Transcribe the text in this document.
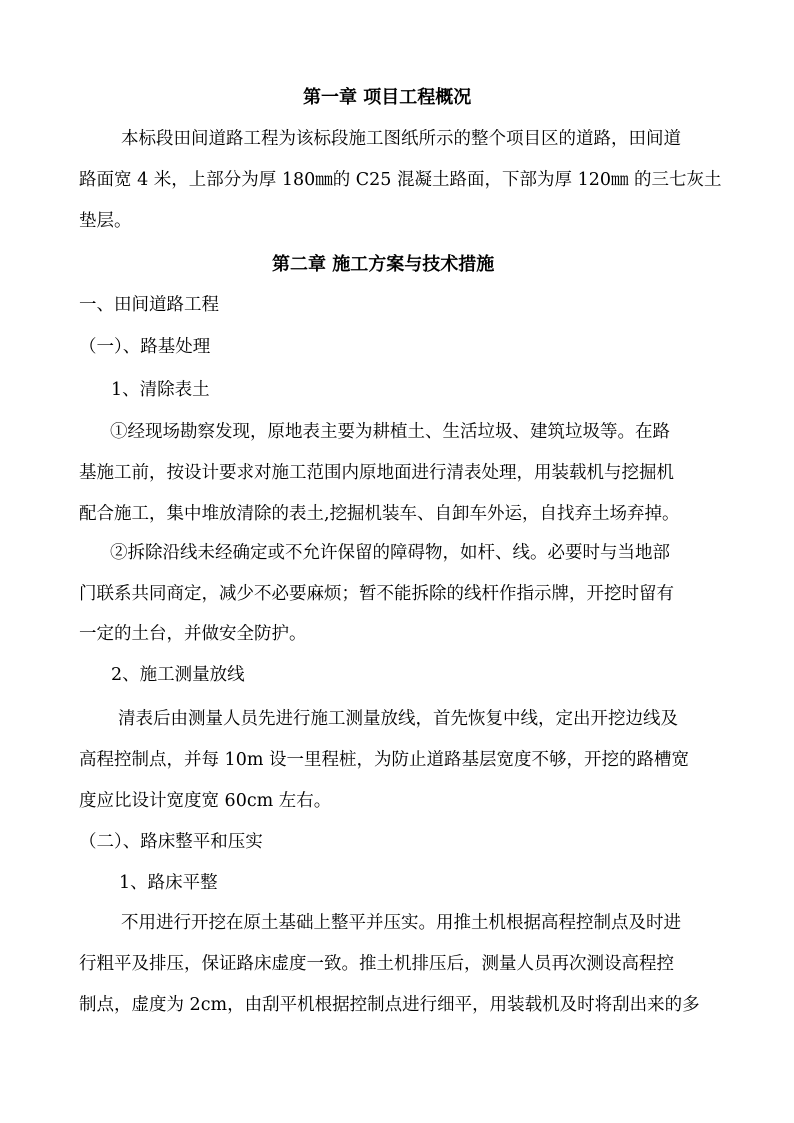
第一章 项目工程概况
本标段田间道路工程为该标段施工图纸所示的整个项目区的道路，田间道
路面宽 4 米，上部分为厚 180㎜的 C25 混凝土路面，下部为厚 120㎜ 的三七灰土
垫层。
第二章 施工方案与技术措施
一、田间道路工程
（一）、路基处理
1、清除表土
①经现场勘察发现，原地表主要为耕植土、生活垃圾、建筑垃圾等。在路
基施工前，按设计要求对施工范围内原地面进行清表处理，用装载机与挖掘机
配合施工，集中堆放清除的表土,挖掘机装车、自卸车外运，自找弃土场弃掉。
②拆除沿线未经确定或不允许保留的障碍物，如杆、线。必要时与当地部
门联系共同商定，减少不必要麻烦；暂不能拆除的线杆作指示牌，开挖时留有
一定的土台，并做安全防护。
2、施工测量放线
清表后由测量人员先进行施工测量放线，首先恢复中线，定出开挖边线及
高程控制点，并每 10m 设一里程桩，为防止道路基层宽度不够，开挖的路槽宽
度应比设计宽度宽 60cm 左右。
（二）、路床整平和压实
1、路床平整
不用进行开挖在原土基础上整平并压实。用推土机根据高程控制点及时进
行粗平及排压，保证路床虚度一致。推土机排压后，测量人员再次测设高程控
制点，虚度为 2cm，由刮平机根据控制点进行细平，用装载机及时将刮出来的多
